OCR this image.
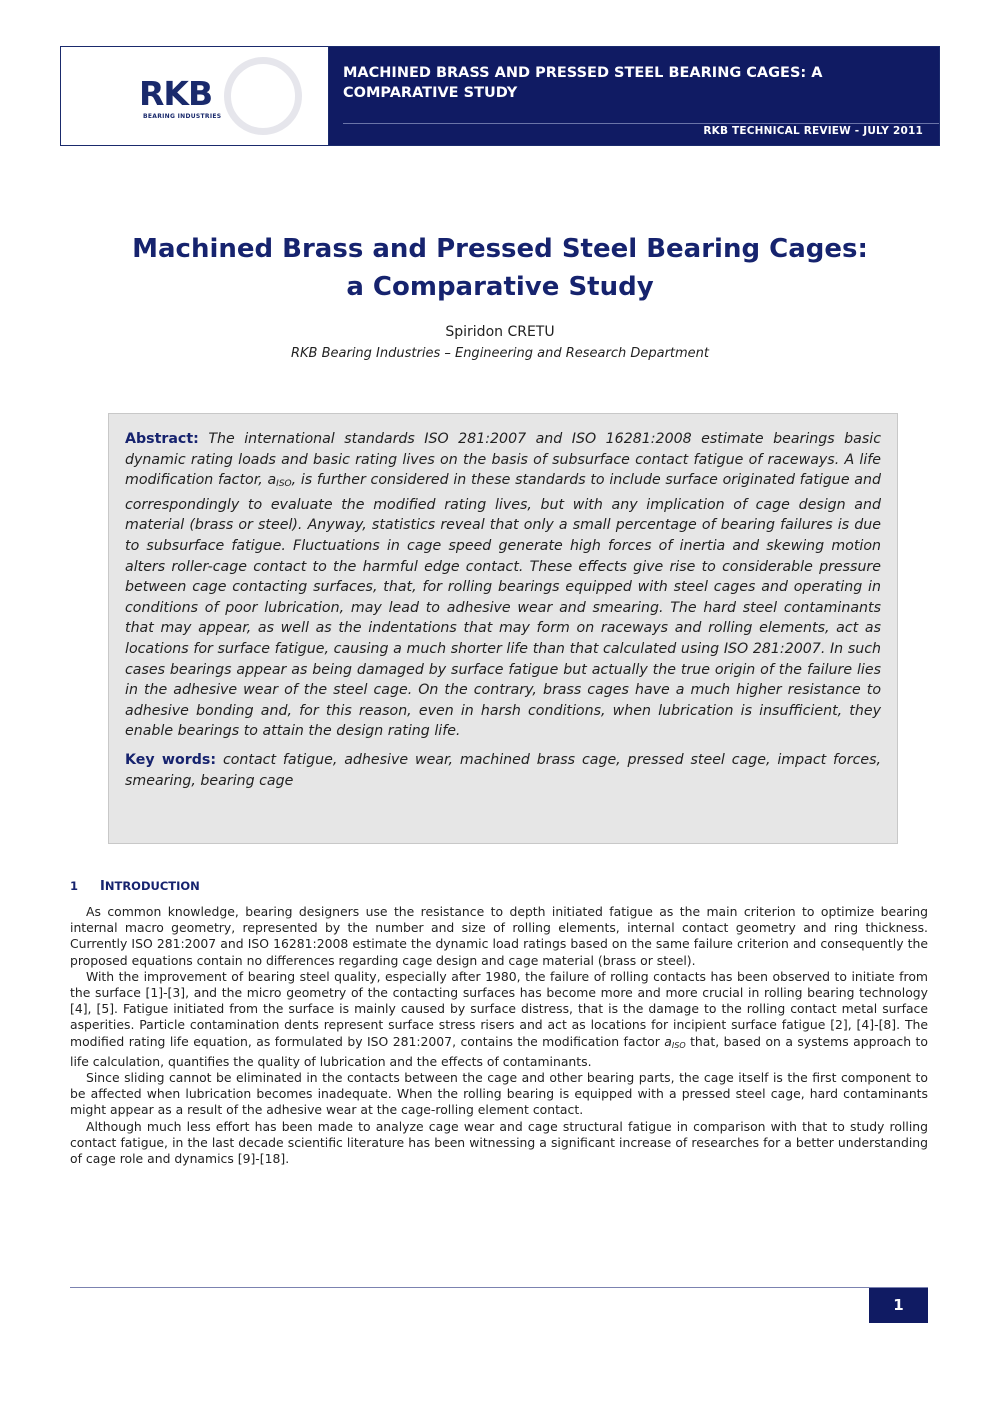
RKB
BEARING INDUSTRIES
MACHINED BRASS AND PRESSED STEEL BEARING CAGES: A COMPARATIVE STUDY
RKB TECHNICAL REVIEW - JULY 2011
Machined Brass and Pressed Steel Bearing Cages:
a Comparative Study
Spiridon CRETU
RKB Bearing Industries – Engineering and Research Department

Abstract: The international standards ISO 281:2007 and ISO 16281:2008 estimate bearings basic dynamic rating loads and basic rating lives on the basis of subsurface contact fatigue of raceways. A life modification factor, $a_{ISO}$, is further considered in these standards to include surface originated fatigue and correspondingly to evaluate the modified rating lives, but with any implication of cage design and material (brass or steel). Anyway, statistics reveal that only a small percentage of bearing failures is due to subsurface fatigue. Fluctuations in cage speed generate high forces of inertia and skewing motion alters roller-cage contact to the harmful edge contact. These effects give rise to considerable pressure between cage contacting surfaces, that, for rolling bearings equipped with steel cages and operating in conditions of poor lubrication, may lead to adhesive wear and smearing. The hard steel contaminants that may appear, as well as the indentations that may form on raceways and rolling elements, act as locations for surface fatigue, causing a much shorter life than that calculated using ISO 281:2007. In such cases bearings appear as being damaged by surface fatigue but actually the true origin of the failure lies in the adhesive wear of the steel cage. On the contrary, brass cages have a much higher resistance to adhesive bonding and, for this reason, even in harsh conditions, when lubrication is insufficient, they enable bearings to attain the design rating life.

Key words: contact fatigue, adhesive wear, machined brass cage, pressed steel cage, impact forces, smearing, bearing cage

1 INTRODUCTION

As common knowledge, bearing designers use the resistance to depth initiated fatigue as the main criterion to optimize bearing internal macro geometry, represented by the number and size of rolling elements, internal contact geometry and ring thickness. Currently ISO 281:2007 and ISO 16281:2008 estimate the dynamic load ratings based on the same failure criterion and consequently the proposed equations contain no differences regarding cage design and cage material (brass or steel).

With the improvement of bearing steel quality, especially after 1980, the failure of rolling contacts has been observed to initiate from the surface [1]-[3], and the micro geometry of the contacting surfaces has become more and more crucial in rolling bearing technology [4], [5]. Fatigue initiated from the surface is mainly caused by surface distress, that is the damage to the rolling contact metal surface asperities. Particle contamination dents represent surface stress risers and act as locations for incipient surface fatigue [2], [4]-[8]. The modified rating life equation, as formulated by ISO 281:2007, contains the modification factor aISO that, based on a systems approach to life calculation, quantifies the quality of lubrication and the effects of contaminants.

Since sliding cannot be eliminated in the contacts between the cage and other bearing parts, the cage itself is the first component to be affected when lubrication becomes inadequate. When the rolling bearing is equipped with a pressed steel cage, hard contaminants might appear as a result of the adhesive wear at the cage-rolling element contact.

Although much less effort has been made to analyze cage wear and cage structural fatigue in comparison with that to study rolling contact fatigue, in the last decade scientific literature has been witnessing a significant increase of researches for a better understanding of cage role and dynamics [9]-[18].

1
